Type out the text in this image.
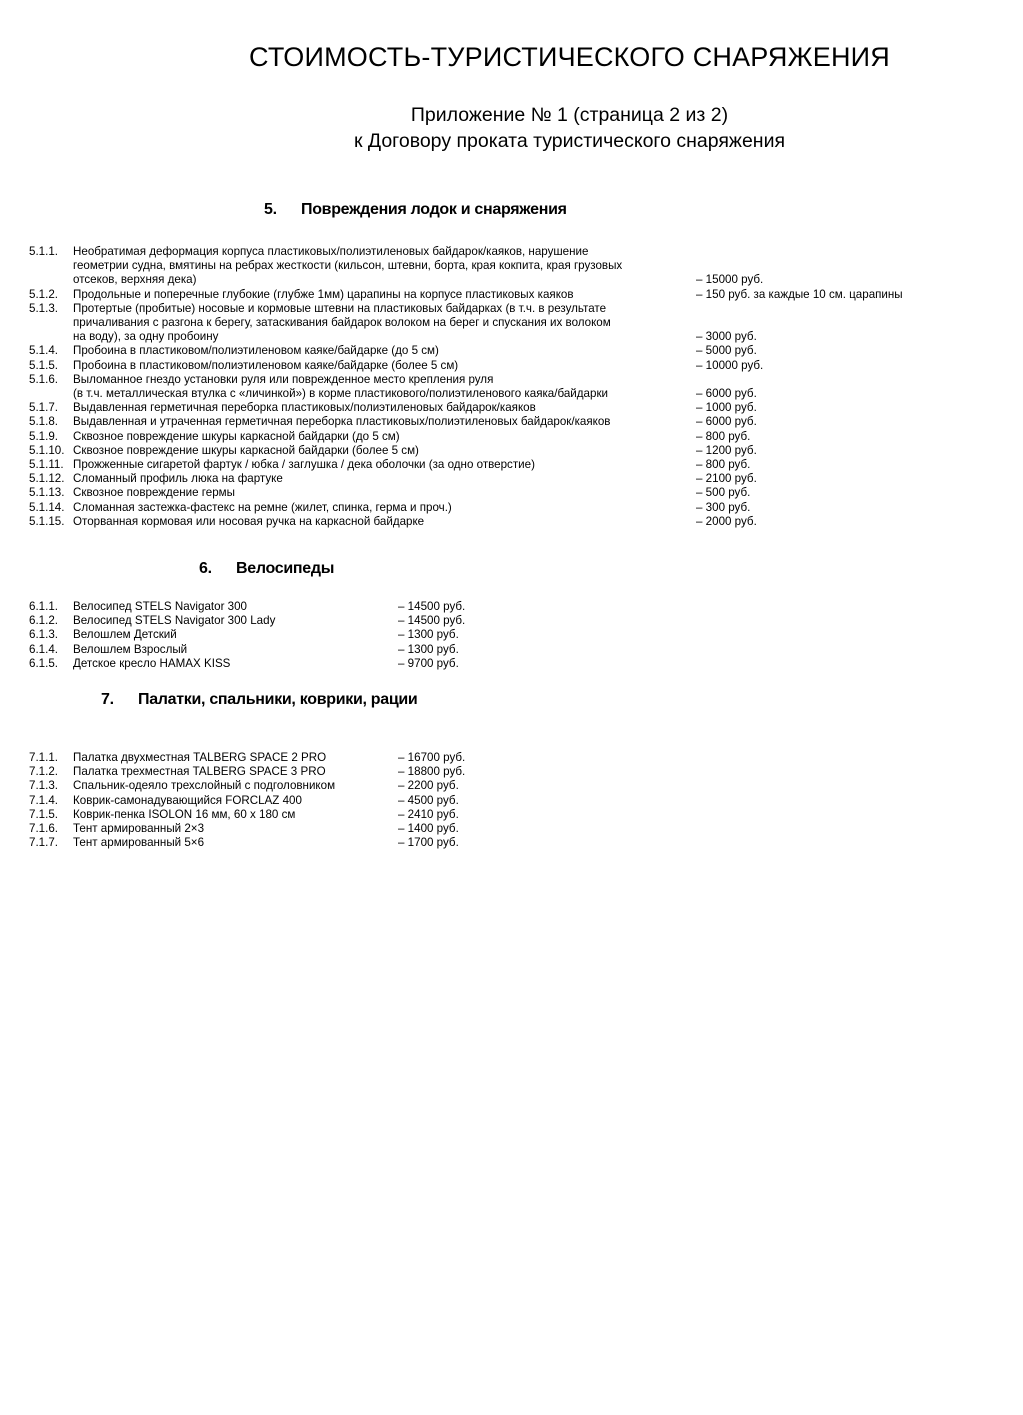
СТОИМОСТЬ-ТУРИСТИЧЕСКОГО СНАРЯЖЕНИЯ
Приложение № 1 (страница 2 из 2)
к Договору проката туристического снаряжения
5. Повреждения лодок и снаряжения
5.1.1. Необратимая деформация корпуса пластиковых/полиэтиленовых байдарок/каяков, нарушение
геометрии судна, вмятины на ребрах жесткости (кильсон, штевни, борта, края кокпита, края грузовых
отсеков, верхняя дека)	– 15000 руб.
5.1.2. Продольные и поперечные глубокие (глубже 1мм) царапины на корпусе пластиковых каяков	– 150 руб. за каждые 10 см. царапины
5.1.3. Протертые (пробитые) носовые и кормовые штевни на пластиковых байдарках (в т.ч. в результате
причаливания с разгона к берегу, затаскивания байдарок волоком на берег и спускания их волоком
на воду), за одну пробоину	– 3000 руб.
5.1.4. Пробоина в пластиковом/полиэтиленовом каяке/байдарке (до 5 см)	– 5000 руб.
5.1.5. Пробоина в пластиковом/полиэтиленовом каяке/байдарке (более 5 см)	– 10000 руб.
5.1.6. Выломанное гнездо установки руля или поврежденное место крепления руля
(в т.ч. металлическая втулка с «личинкой») в корме пластикового/полиэтиленового каяка/байдарки	– 6000 руб.
5.1.7. Выдавленная герметичная переборка пластиковых/полиэтиленовых байдарок/каяков	– 1000 руб.
5.1.8. Выдавленная и утраченная герметичная переборка пластиковых/полиэтиленовых байдарок/каяков	– 6000 руб.
5.1.9. Сквозное повреждение шкуры каркасной байдарки (до 5 см)	– 800 руб.
5.1.10. Сквозное повреждение шкуры каркасной байдарки (более 5 см)	– 1200 руб.
5.1.11. Прожженные сигаретой фартук / юбка / заглушка / дека оболочки (за одно отверстие)	– 800 руб.
5.1.12. Сломанный профиль люка на фартуке	– 2100 руб.
5.1.13. Сквозное повреждение гермы	– 500 руб.
5.1.14. Сломанная застежка-фастекс на ремне (жилет, спинка, герма и проч.)	– 300 руб.
5.1.15. Оторванная кормовая или носовая ручка на каркасной байдарке	– 2000 руб.
6. Велосипеды
6.1.1. Велосипед STELS Navigator 300	– 14500 руб.
6.1.2. Велосипед STELS Navigator 300 Lady	– 14500 руб.
6.1.3. Велошлем Детский	– 1300 руб.
6.1.4. Велошлем Взрослый	– 1300 руб.
6.1.5. Детское кресло HAMAX KISS	– 9700 руб.
7. Палатки, спальники, коврики, рации
7.1.1. Палатка двухместная TALBERG SPACE 2 PRO	– 16700 руб.
7.1.2. Палатка трехместная TALBERG SPACE 3 PRO	– 18800 руб.
7.1.3. Спальник-одеяло трехслойный с подголовником	– 2200 руб.
7.1.4. Коврик-самонадувающийся FORCLAZ 400	– 4500 руб.
7.1.5. Коврик-пенка ISOLON 16 мм, 60 х 180 см	– 2410 руб.
7.1.6. Тент армированный 2×3	– 1400 руб.
7.1.7. Тент армированный 5×6	– 1700 руб.
